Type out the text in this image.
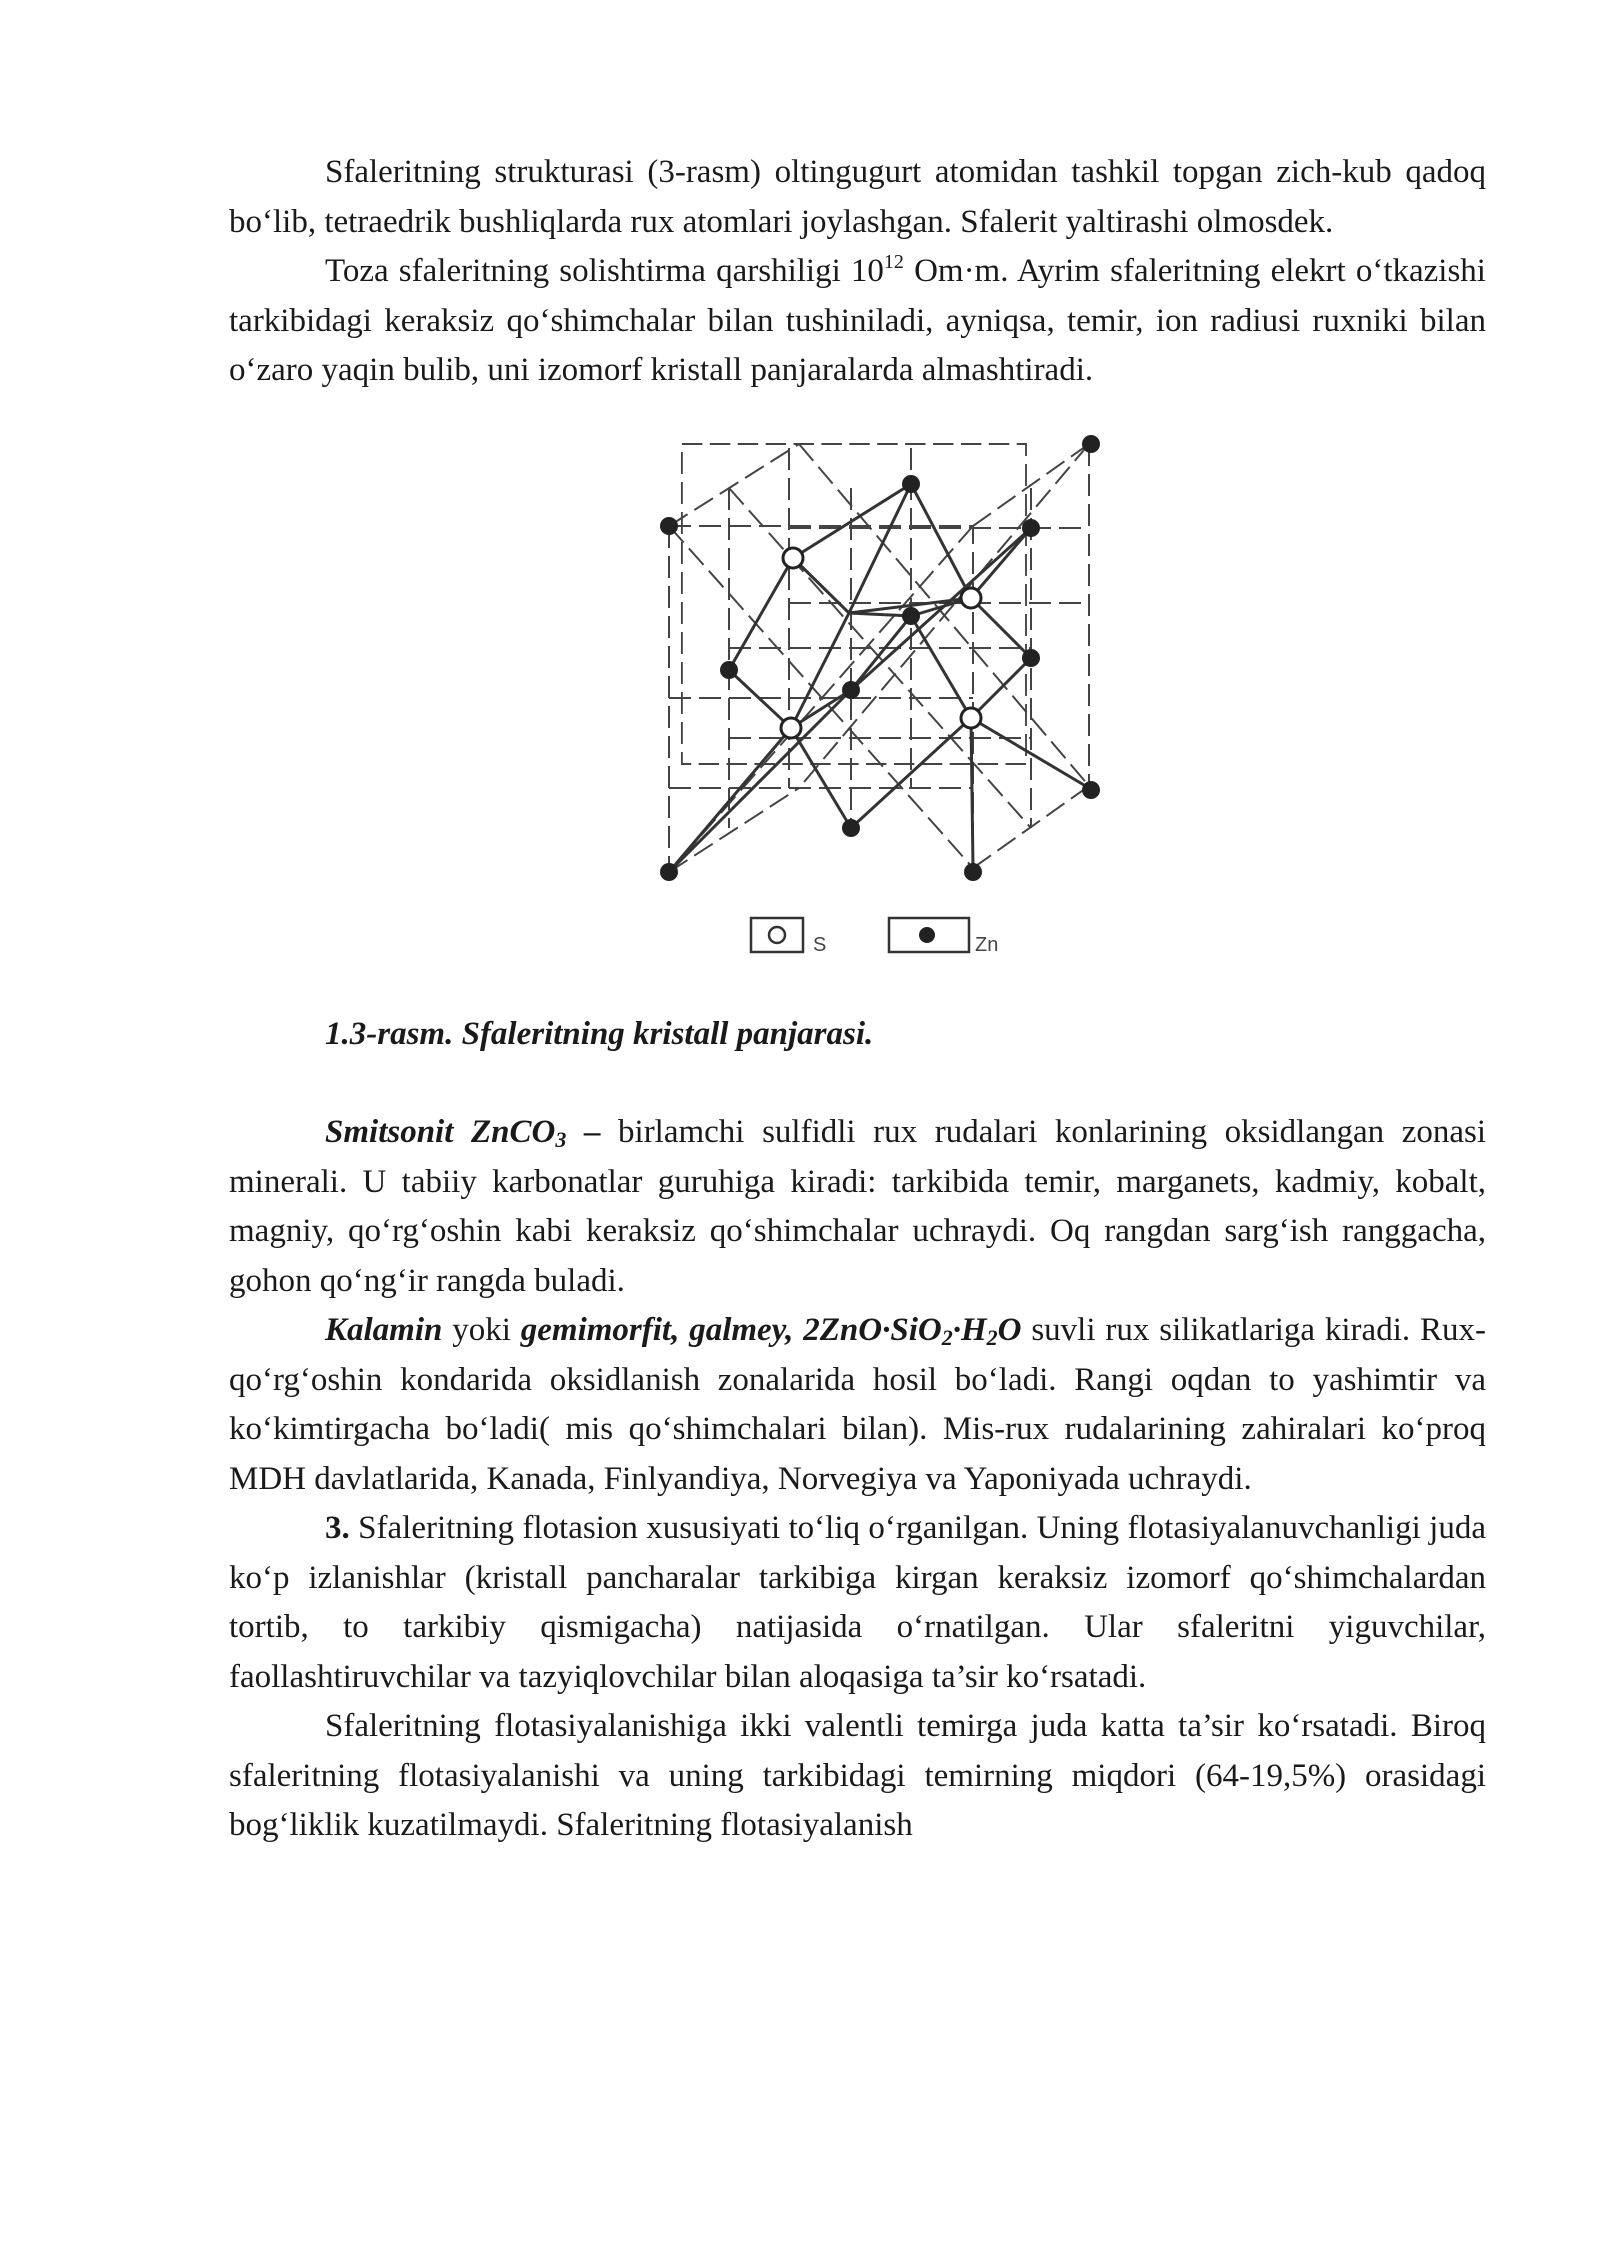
Sfaleritning strukturasi (3-rasm) oltingugurt atomidan tashkil topgan zich-kub qadoq bo‘lib, tetraedrik bushliqlarda rux atomlari joylashgan. Sfalerit yaltirashi olmosdek.

Toza sfaleritning solishtirma qarshiligi $10^{12}$ Om·m. Ayrim sfaleritning elekrt o‘tkazishi tarkibidagi keraksiz qo‘shimchalar bilan tushiniladi, ayniqsa, temir, ion radiusi ruxniki bilan o‘zaro yaqin bulib, uni izomorf kristall panjaralarda almashtiradi.

S	Zn

1.3-rasm. Sfaleritning kristall panjarasi.

Smitsonit ZnCO$_3$ – birlamchi sulfidli rux rudalari konlarining oksidlangan zonasi minerali. U tabiiy karbonatlar guruhiga kiradi: tarkibida temir, marganets, kadmiy, kobalt, magniy, qo‘rg‘oshin kabi keraksiz qo‘shimchalar uchraydi. Oq rangdan sarg‘ish ranggacha, gohon qo‘ng‘ir rangda buladi.

Kalamin yoki gemimorfit, galmey, $2ZnO\cdot SiO_2\cdot H_2O$ suvli rux silikatlariga kiradi. Rux-qo‘rg‘oshin kondarida oksidlanish zonalarida hosil bo‘ladi. Rangi oqdan to yashimtir va ko‘kimtirgacha bo‘ladi( mis qo‘shimchalari bilan). Mis-rux rudalarining zahiralari ko‘proq MDH davlatlarida, Kanada, Finlyandiya, Norvegiya va Yaponiyada uchraydi.

3. Sfaleritning flotasion xususiyati to‘liq o‘rganilgan. Uning flotasiyalanuvchanligi juda ko‘p izlanishlar (kristall pancharalar tarkibiga kirgan keraksiz izomorf qo‘shimchalardan tortib, to tarkibiy qismigacha) natijasida o‘rnatilgan. Ular sfaleritni yiguvchilar, faollashtiruvchilar va tazyiqlovchilar bilan aloqasiga ta’sir ko‘rsatadi.

Sfaleritning flotasiyalanishiga ikki valentli temirga juda katta ta’sir ko‘rsatadi. Biroq sfaleritning flotasiyalanishi va uning tarkibidagi temirning miqdori (64-19,5%) orasidagi bog‘liklik kuzatilmaydi. Sfaleritning flotasiyalanish
